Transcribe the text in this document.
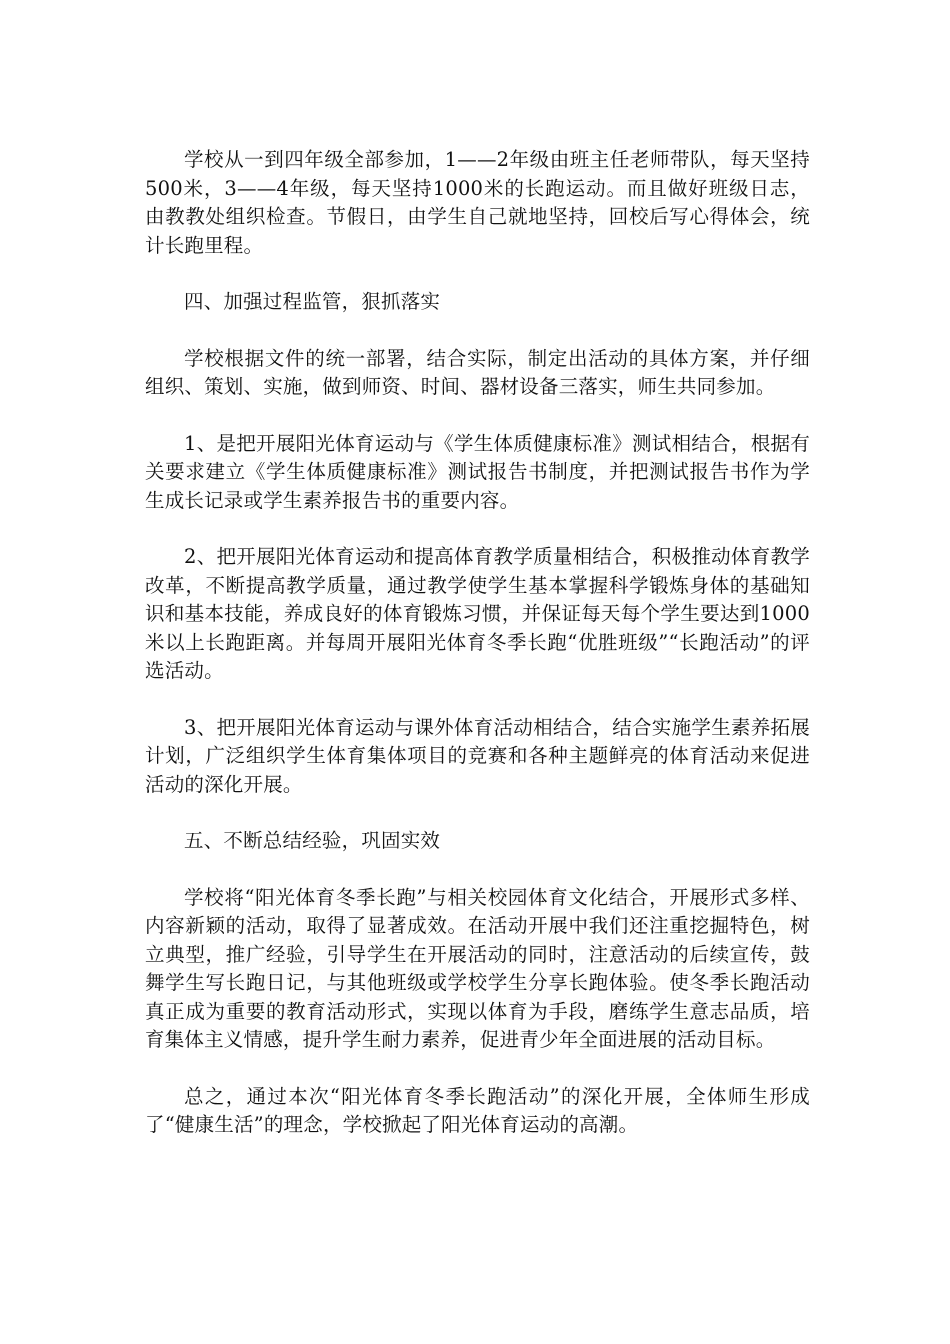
学校从一到四年级全部参加，1——2年级由班主任老师带队，每天坚持500米，3——4年级，每天坚持1000米的长跑运动。而且做好班级日志，由教教处组织检查。节假日，由学生自己就地坚持，回校后写心得体会，统计长跑里程。

四、加强过程监管，狠抓落实

学校根据文件的统一部署，结合实际，制定出活动的具体方案，并仔细组织、策划、实施，做到师资、时间、器材设备三落实，师生共同参加。

1、是把开展阳光体育运动与《学生体质健康标准》测试相结合，根据有关要求建立《学生体质健康标准》测试报告书制度，并把测试报告书作为学生成长记录或学生素养报告书的重要内容。

2、把开展阳光体育运动和提高体育教学质量相结合，积极推动体育教学改革，不断提高教学质量，通过教学使学生基本掌握科学锻炼身体的基础知识和基本技能，养成良好的体育锻炼习惯，并保证每天每个学生要达到1000米以上长跑距离。并每周开展阳光体育冬季长跑“优胜班级”“长跑活动”的评选活动。

3、把开展阳光体育运动与课外体育活动相结合，结合实施学生素养拓展计划，广泛组织学生体育集体项目的竞赛和各种主题鲜亮的体育活动来促进活动的深化开展。

五、不断总结经验，巩固实效

学校将“阳光体育冬季长跑”与相关校园体育文化结合，开展形式多样、内容新颖的活动，取得了显著成效。在活动开展中我们还注重挖掘特色，树立典型，推广经验，引导学生在开展活动的同时，注意活动的后续宣传，鼓舞学生写长跑日记，与其他班级或学校学生分享长跑体验。使冬季长跑活动真正成为重要的教育活动形式，实现以体育为手段，磨练学生意志品质，培育集体主义情感，提升学生耐力素养，促进青少年全面进展的活动目标。

总之，通过本次“阳光体育冬季长跑活动”的深化开展，全体师生形成了“健康生活”的理念，学校掀起了阳光体育运动的高潮。
